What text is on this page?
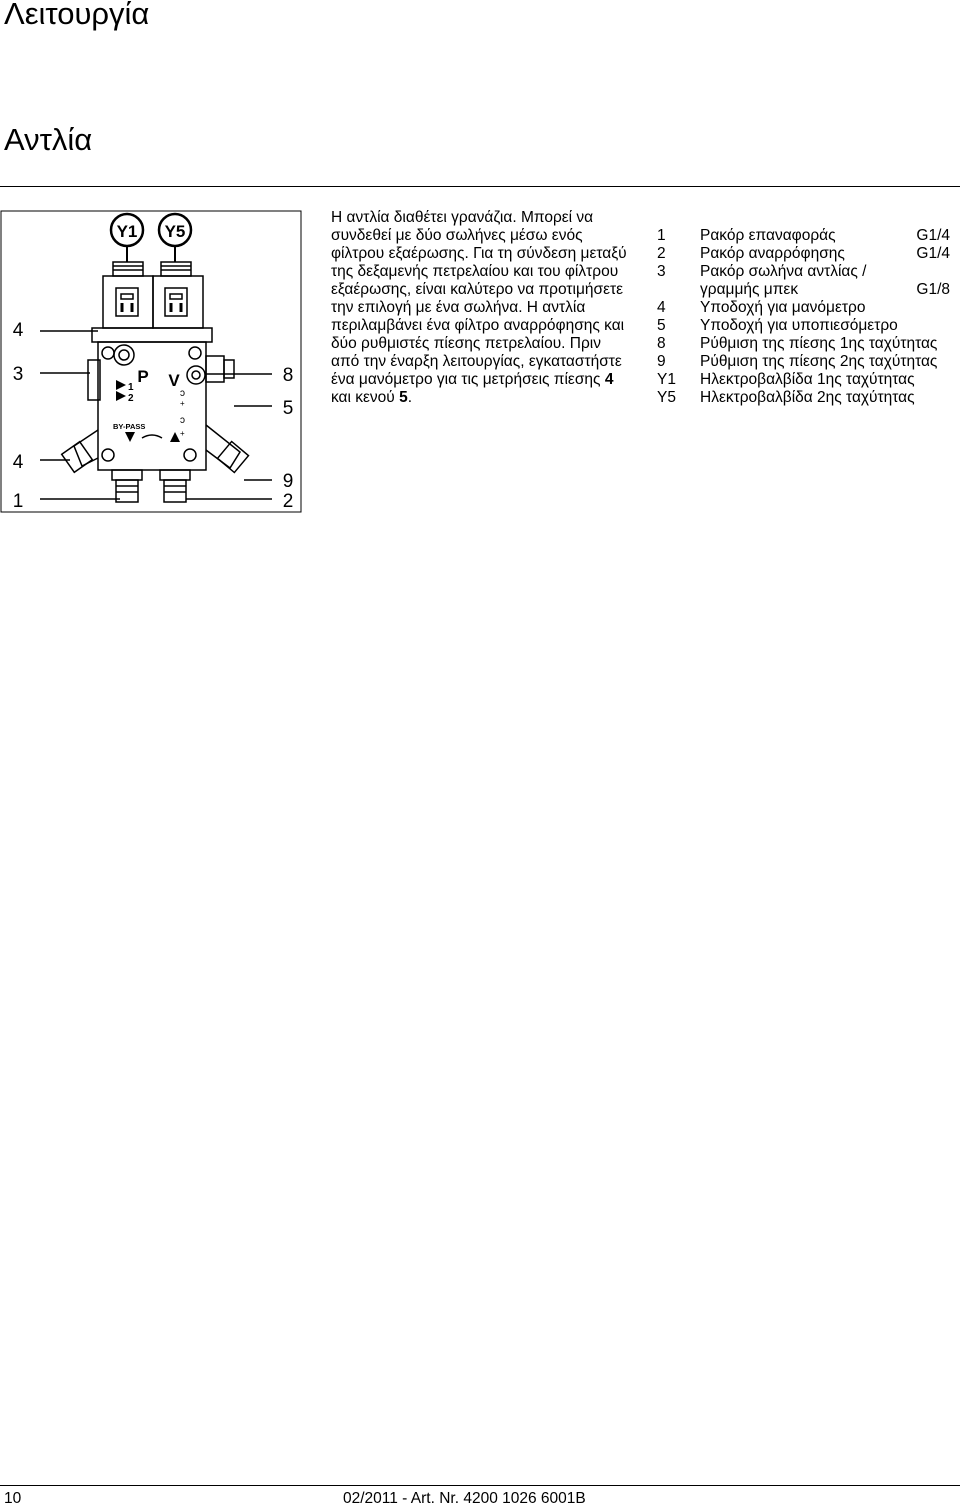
Λειτουργία
Αντλία
Y1 Y5
P V
1
2
BY-PASS
ↄ
+
ↄ
+
4
3
4
1
8
5
9
2

Η αντλία διαθέτει γρανάζια. Μπορεί να συνδεθεί με δύο σωλήνες μέσω ενός φίλτρου εξαέρωσης. Για τη σύνδεση μεταξύ της δεξαμενής πετρελαίου και του φίλτρου εξαέρωσης, είναι καλύτερο να προτιμήσετε την επιλογή με ένα σωλήνα. Η αντλία περιλαμβάνει ένα φίλτρο αναρρόφησης και δύο ρυθμιστές πίεσης πετρελαίου. Πριν από την έναρξη λειτουργίας, εγκαταστήστε ένα μανόμετρο για τις μετρήσεις πίεσης 4 και κενού 5.

1 Ρακόρ επαναφοράς	G1/4
2 Ρακόρ αναρρόφησης	G1/4
3 Ρακόρ σωλήνα αντλίας /
γραμμής μπεκ	G1/8
4 Υποδοχή για μανόμετρο
5 Υποδοχή για υποπιεσόμετρο
8 Ρύθμιση της πίεσης 1ης ταχύτητας
9 Ρύθμιση της πίεσης 2ης ταχύτητας
Y1 Ηλεκτροβαλβίδα 1ης ταχύτητας
Y5 Ηλεκτροβαλβίδα 2ης ταχύτητας
10	02/2011 - Art. Nr. 4200 1026 6001B
